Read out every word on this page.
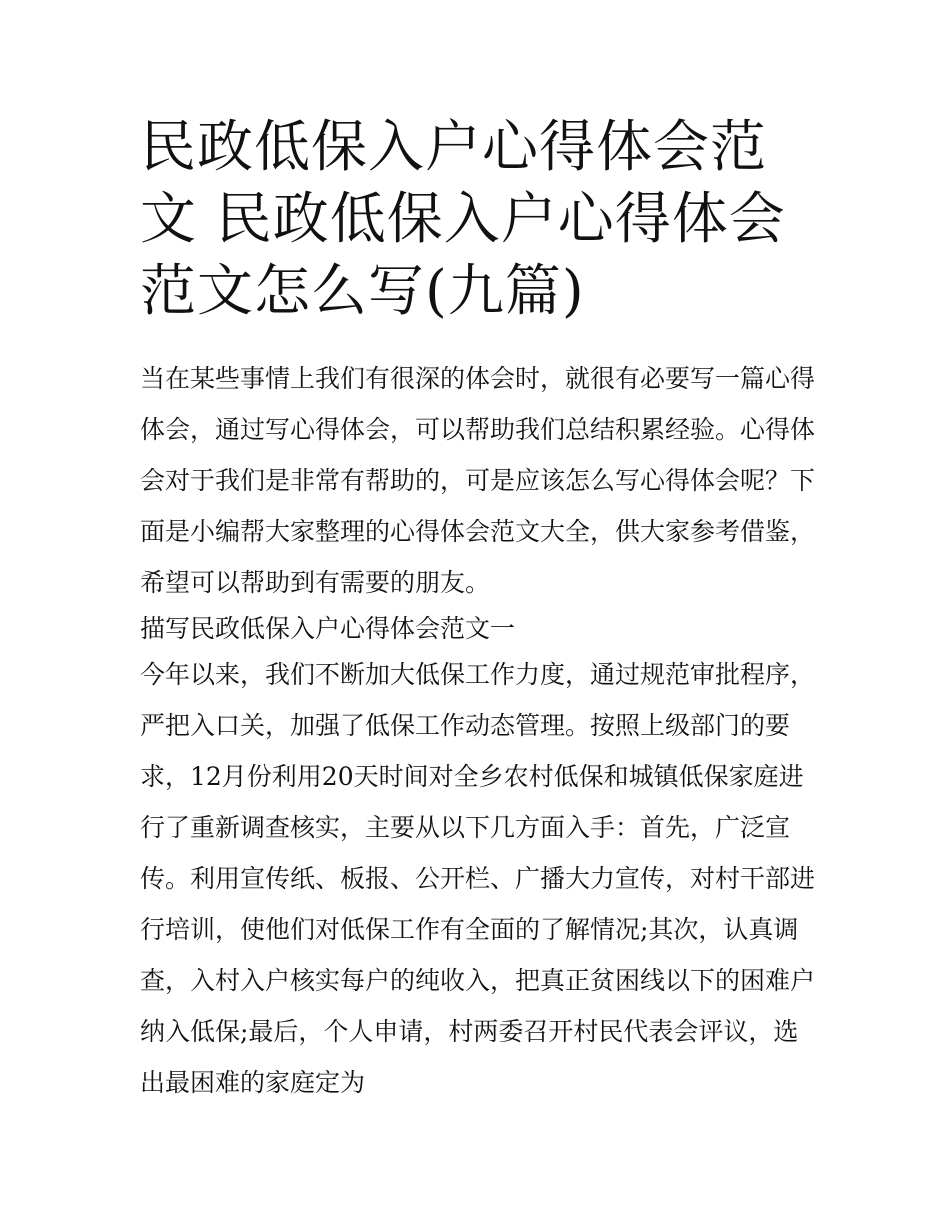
民政低保入户心得体会范文 民政低保入户心得体会范文怎么写(九篇)

当在某些事情上我们有很深的体会时，就很有必要写一篇心得体会，通过写心得体会，可以帮助我们总结积累经验。心得体会对于我们是非常有帮助的，可是应该怎么写心得体会呢？下面是小编帮大家整理的心得体会范文大全，供大家参考借鉴，希望可以帮助到有需要的朋友。

描写民政低保入户心得体会范文一

今年以来，我们不断加大低保工作力度，通过规范审批程序，严把入口关，加强了低保工作动态管理。按照上级部门的要求，12月份利用20天时间对全乡农村低保和城镇低保家庭进行了重新调查核实，主要从以下几方面入手：首先，广泛宣传。利用宣传纸、板报、公开栏、广播大力宣传，对村干部进行培训，使他们对低保工作有全面的了解情况;其次，认真调查，入村入户核实每户的纯收入，把真正贫困线以下的困难户纳入低保;最后，个人申请，村两委召开村民代表会评议，选出最困难的家庭定为
